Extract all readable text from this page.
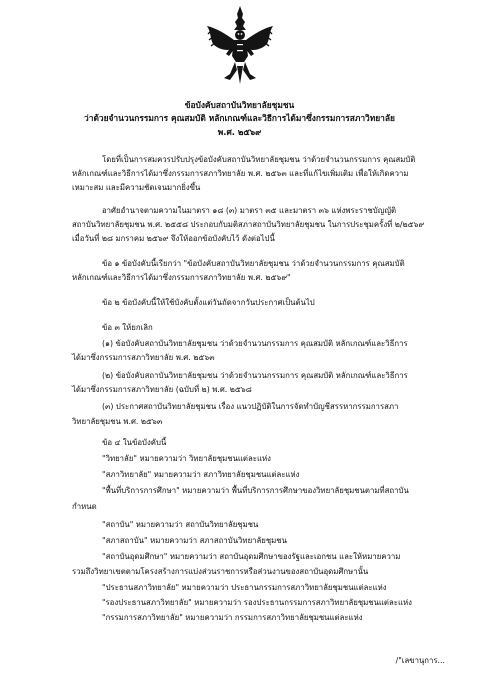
ข้อบังคับสถาบันวิทยาลัยชุมชน
ว่าด้วยจำนวนกรรมการ คุณสมบัติ หลักเกณฑ์และวิธีการได้มาซึ่งกรรมการสภาวิทยาลัย
พ.ศ. ๒๕๖๙
โดยที่เป็นการสมควรปรับปรุงข้อบังคับสถาบันวิทยาลัยชุมชน ว่าด้วยจำนวนกรรมการ คุณสมบัติ
หลักเกณฑ์และวิธีการได้มาซึ่งกรรมการสภาวิทยาลัย พ.ศ. ๒๕๖๓ และที่แก้ไขเพิ่มเติม เพื่อให้เกิดความ
เหมาะสม และมีความชัดเจนมากยิ่งขึ้น
อาศัยอำนาจตามความในมาตรา ๑๘ (๓) มาตรา ๓๕ และมาตรา ๓๖ แห่งพระราชบัญญัติ
สถาบันวิทยาลัยชุมชน พ.ศ. ๒๕๕๘ ประกอบกับมติสภาสถาบันวิทยาลัยชุมชน ในการประชุมครั้งที่ ๒/๒๕๖๙
เมื่อวันที่ ๒๘ มกราคม ๒๕๖๙ จึงให้ออกข้อบังคับไว้ ดังต่อไปนี้
ข้อ ๑ ข้อบังคับนี้เรียกว่า "ข้อบังคับสถาบันวิทยาลัยชุมชน ว่าด้วยจำนวนกรรมการ คุณสมบัติ
หลักเกณฑ์และวิธีการได้มาซึ่งกรรมการสภาวิทยาลัย พ.ศ. ๒๕๖๙"
ข้อ ๒ ข้อบังคับนี้ให้ใช้บังคับตั้งแต่วันถัดจากวันประกาศเป็นต้นไป
ข้อ ๓ ให้ยกเลิก
(๑) ข้อบังคับสถาบันวิทยาลัยชุมชน ว่าด้วยจำนวนกรรมการ คุณสมบัติ หลักเกณฑ์และวิธีการ
ได้มาซึ่งกรรมการสภาวิทยาลัย พ.ศ. ๒๕๖๓
(๒) ข้อบังคับสถาบันวิทยาลัยชุมชน ว่าด้วยจำนวนกรรมการ คุณสมบัติ หลักเกณฑ์และวิธีการ
ได้มาซึ่งกรรมการสภาวิทยาลัย (ฉบับที่ ๒) พ.ศ. ๒๕๖๘
(๓) ประกาศสถาบันวิทยาลัยชุมชน เรื่อง แนวปฏิบัติในการจัดทำบัญชีสรรหากรรมการสภา
วิทยาลัยชุมชน พ.ศ. ๒๕๖๓
ข้อ ๔ ในข้อบังคับนี้
"วิทยาลัย" หมายความว่า วิทยาลัยชุมชนแต่ละแห่ง
"สภาวิทยาลัย" หมายความว่า สภาวิทยาลัยชุมชนแต่ละแห่ง
"พื้นที่บริการการศึกษา" หมายความว่า พื้นที่บริการการศึกษาของวิทยาลัยชุมชนตามที่สถาบัน
กำหนด
"สถาบัน" หมายความว่า สถาบันวิทยาลัยชุมชน
"สภาสถาบัน" หมายความว่า สภาสถาบันวิทยาลัยชุมชน
"สถาบันอุดมศึกษา" หมายความว่า สถาบันอุดมศึกษาของรัฐและเอกชน และให้หมายความ
รวมถึงวิทยาเขตตามโครงสร้างการแบ่งส่วนราชการหรือส่วนงานของสถาบันอุดมศึกษานั้น
"ประธานสภาวิทยาลัย" หมายความว่า ประธานกรรมการสภาวิทยาลัยชุมชนแต่ละแห่ง
"รองประธานสภาวิทยาลัย" หมายความว่า รองประธานกรรมการสภาวิทยาลัยชุมชนแต่ละแห่ง
"กรรมการสภาวิทยาลัย" หมายความว่า กรรมการสภาวิทยาลัยชุมชนแต่ละแห่ง
/"เลขานุการ...
